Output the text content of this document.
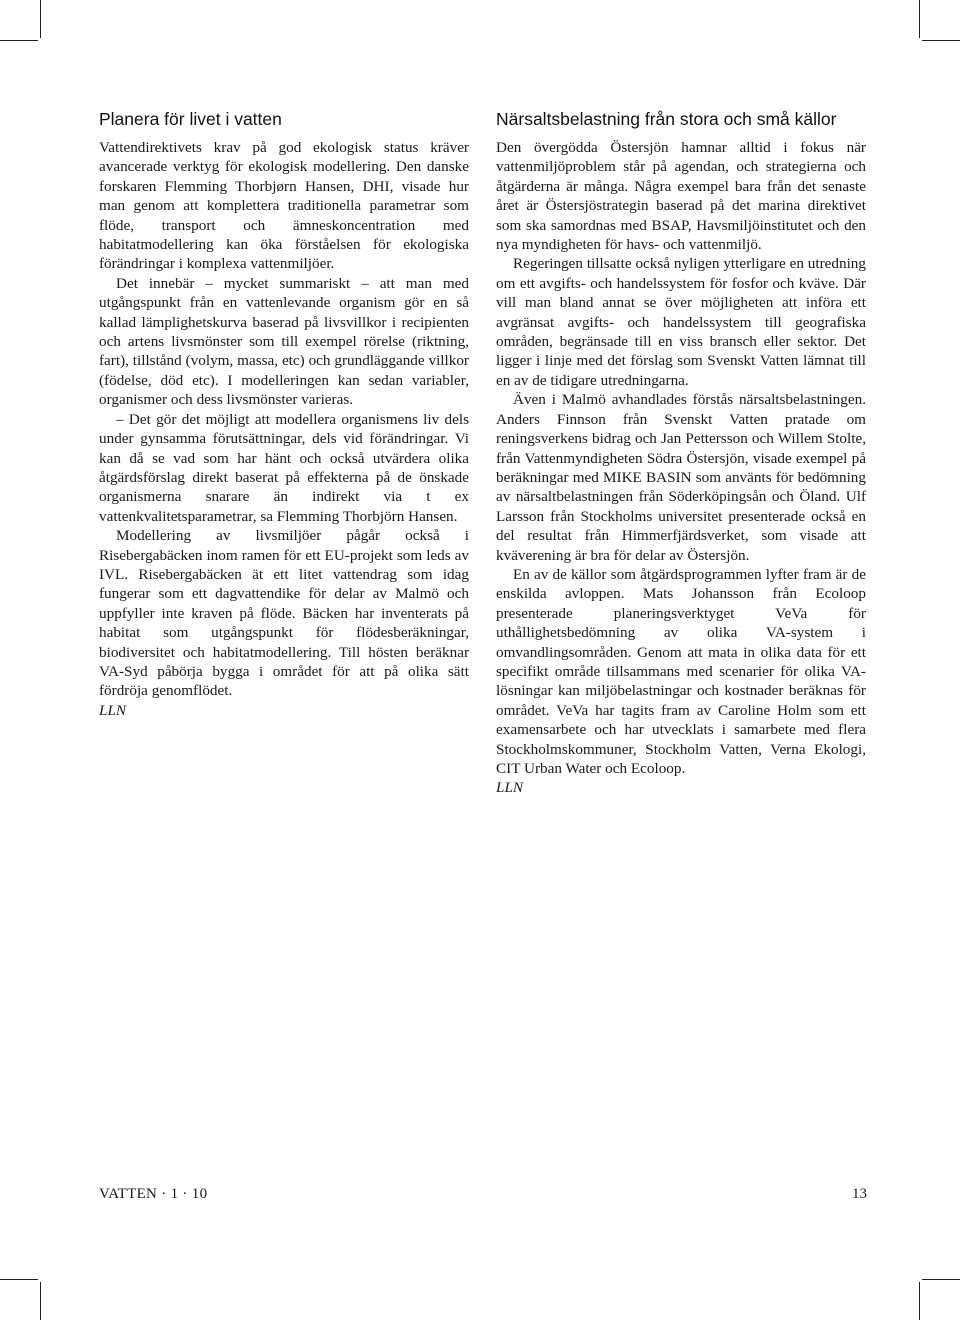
Planera för livet i vatten

Vattendirektivets krav på god ekologisk status kräver avancerade verktyg för ekologisk modellering. Den danske forskaren Flemming Thorbjørn Hansen, DHI, visade hur man genom att komplettera traditionella parametrar som flöde, transport och ämneskoncentration med habitatmodellering kan öka förståelsen för ekologiska förändringar i komplexa vattenmiljöer.

Det innebär – mycket summariskt – att man med utgångspunkt från en vattenlevande organism gör en så kallad lämplighetskurva baserad på livsvillkor i recipienten och artens livsmönster som till exempel rörelse (riktning, fart), tillstånd (volym, massa, etc) och grundläggande villkor (födelse, död etc). I modelleringen kan sedan variabler, organismer och dess livsmönster varieras.

– Det gör det möjligt att modellera organismens liv dels under gynsamma förutsättningar, dels vid förändringar. Vi kan då se vad som har hänt och också utvärdera olika åtgärdsförslag direkt baserat på effekterna på de önskade organismerna snarare än indirekt via t ex vattenkvalitetsparametrar, sa Flemming Thorbjörn Hansen.

Modellering av livsmiljöer pågår också i Risebergabäcken inom ramen för ett EU-projekt som leds av IVL. Risebergabäcken ät ett litet vattendrag som idag fungerar som ett dagvattendike för delar av Malmö och uppfyller inte kraven på flöde. Bäcken har inventerats på habitat som utgångspunkt för flödesberäkningar, biodiversitet och habitatmodellering. Till hösten beräknar VA-Syd påbörja bygga i området för att på olika sätt fördröja genomflödet.

LLN

Närsaltsbelastning från stora och små källor

Den övergödda Östersjön hamnar alltid i fokus när vattenmiljöproblem står på agendan, och strategierna och åtgärderna är många. Några exempel bara från det senaste året är Östersjöstrategin baserad på det marina direktivet som ska samordnas med BSAP, Havsmiljöinstitutet och den nya myndigheten för havs- och vattenmiljö.

Regeringen tillsatte också nyligen ytterligare en utredning om ett avgifts- och handelssystem för fosfor och kväve. Där vill man bland annat se över möjligheten att införa ett avgränsat avgifts- och handelssystem till geografiska områden, begränsade till en viss bransch eller sektor. Det ligger i linje med det förslag som Svenskt Vatten lämnat till en av de tidigare utredningarna.

Även i Malmö avhandlades förstås närsaltsbelastningen. Anders Finnson från Svenskt Vatten pratade om reningsverkens bidrag och Jan Pettersson och Willem Stolte, från Vattenmyndigheten Södra Östersjön, visade exempel på beräkningar med MIKE BASIN som använts för bedömning av närsaltbelastningen från Söderköpingsån och Öland. Ulf Larsson från Stockholms universitet presenterade också en del resultat från Himmerfjärdsverket, som visade att kväverening är bra för delar av Östersjön.

En av de källor som åtgärdsprogrammen lyfter fram är de enskilda avloppen. Mats Johansson från Ecoloop presenterade planeringsverktyget VeVa för uthållighetsbedömning av olika VA-system i omvandlingsområden. Genom att mata in olika data för ett specifikt område tillsammans med scenarier för olika VA-lösningar kan miljöbelastningar och kostnader beräknas för området. VeVa har tagits fram av Caroline Holm som ett examensarbete och har utvecklats i samarbete med flera Stockholmskommuner, Stockholm Vatten, Verna Ekologi, CIT Urban Water och Ecoloop.

LLN

VATTEN · 1 · 10	13
